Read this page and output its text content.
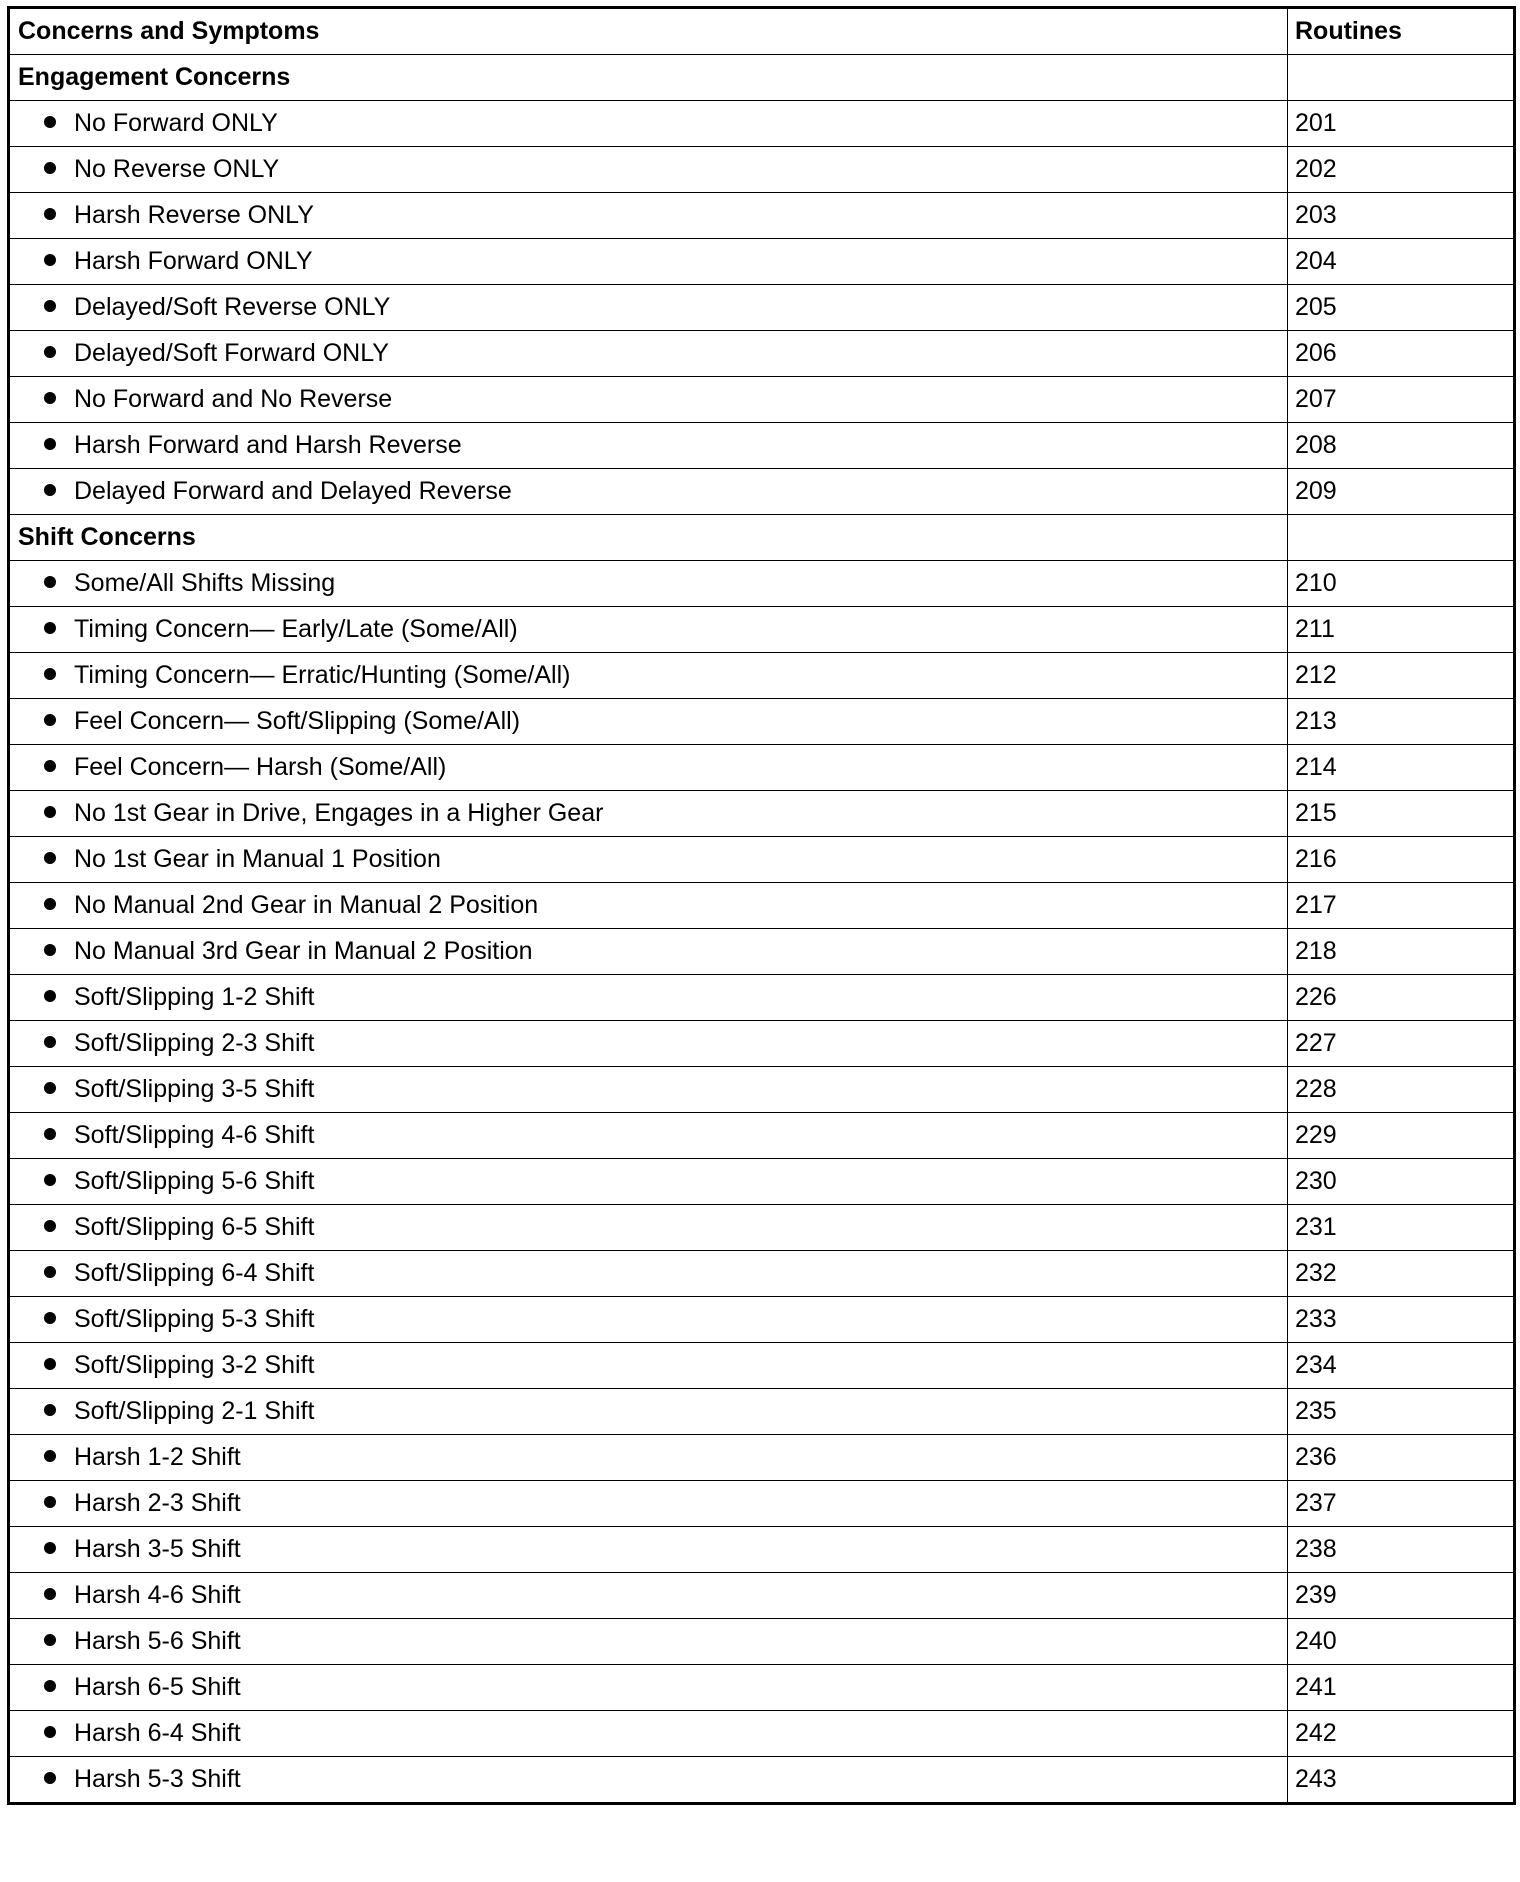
Concerns and Symptoms	Routines
Engagement Concerns	
No Forward ONLY	201
No Reverse ONLY	202
Harsh Reverse ONLY	203
Harsh Forward ONLY	204
Delayed/Soft Reverse ONLY	205
Delayed/Soft Forward ONLY	206
No Forward and No Reverse	207
Harsh Forward and Harsh Reverse	208
Delayed Forward and Delayed Reverse	209
Shift Concerns	
Some/All Shifts Missing	210
Timing Concern— Early/Late (Some/All)	211
Timing Concern— Erratic/Hunting (Some/All)	212
Feel Concern— Soft/Slipping (Some/All)	213
Feel Concern— Harsh (Some/All)	214
No 1st Gear in Drive, Engages in a Higher Gear	215
No 1st Gear in Manual 1 Position	216
No Manual 2nd Gear in Manual 2 Position	217
No Manual 3rd Gear in Manual 2 Position	218
Soft/Slipping 1-2 Shift	226
Soft/Slipping 2-3 Shift	227
Soft/Slipping 3-5 Shift	228
Soft/Slipping 4-6 Shift	229
Soft/Slipping 5-6 Shift	230
Soft/Slipping 6-5 Shift	231
Soft/Slipping 6-4 Shift	232
Soft/Slipping 5-3 Shift	233
Soft/Slipping 3-2 Shift	234
Soft/Slipping 2-1 Shift	235
Harsh 1-2 Shift	236
Harsh 2-3 Shift	237
Harsh 3-5 Shift	238
Harsh 4-6 Shift	239
Harsh 5-6 Shift	240
Harsh 6-5 Shift	241
Harsh 6-4 Shift	242
Harsh 5-3 Shift	243
